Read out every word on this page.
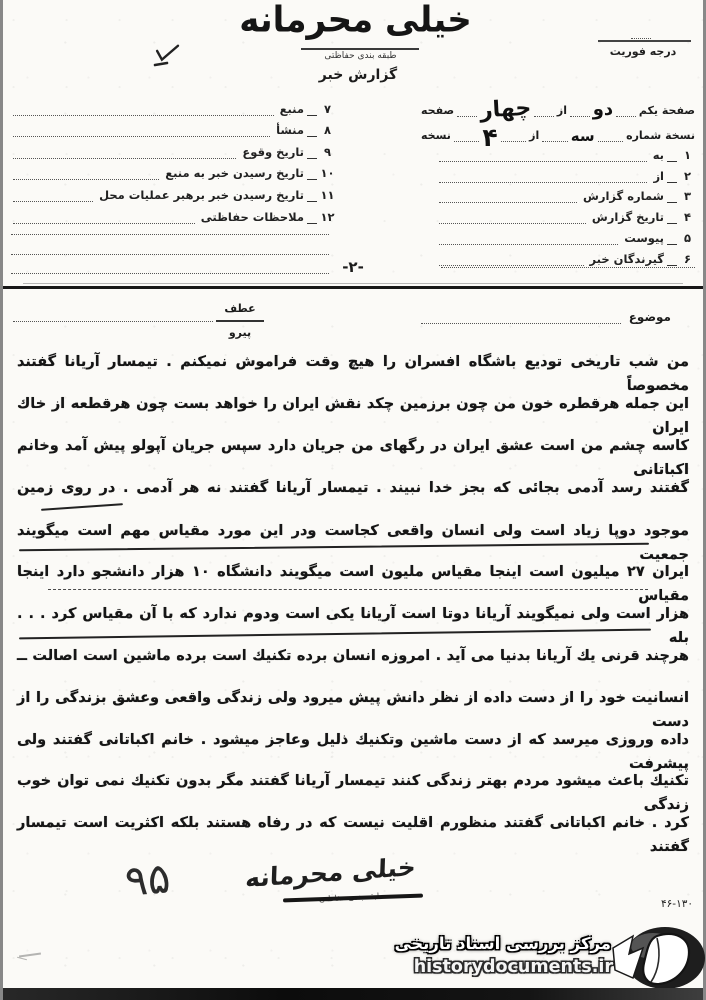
خیلی محرمانه
طبقه بندی حفاظتی
گزارش خبر
درجه فوریت
صفحة یکم
دو
از
چهار
صفحه
نسخة شماره
سه
از
۴
نسخه
۱
به
۲
از
۳
شماره گزارش
۴
تاریخ گزارش
۵
پیوست
۶
گیرندگان خبر
۷
منبع
۸
منشأ
۹
تاریخ وقوع
۱۰
تاریخ رسیدن خبر به منبع
۱۱
تاریخ رسیدن خبر برهبر عملیات محل
۱۲
ملاحظات حفاظتی
-۲-
موضوع
عطف
پیرو
من شب تاریخی تودیع باشگاه افسران را هیچ وقت فراموش نمیکنم . تیمسار آریانا گفتند مخصوصاً
این جمله هرقطره خون من چون برزمین چکد نقش ایران را خواهد بست چون هرقطعه از خاك ایران
کاسه چشم من است عشق ایران در رگهای من جریان دارد سپس جریان آپولو پیش آمد وخانم اکباتانی
گفتند رسد آدمی بجائی که بجز خدا نبیند . تیمسار آریانا گفتند نه هر آدمی . در روی زمین
موجود دوپا زیاد است ولی انسان واقعی کجاست ودر این مورد مقیاس مهم است میگویند جمعیت
ایران ۲۷ میلیون است اینجا مقیاس ملیون است میگویند دانشگاه ۱۰ هزار دانشجو دارد اینجا مقیاس
هزار است ولی نمیگویند آریانا دوتا است آریانا یکی است ودوم ندارد که با آن مقیاس کرد . . . بله
هرچند قرنی یك آریانا بدنیا می آید . امروزه انسان برده تکنیك است برده ماشین است اصالت ــ
انسانیت خود را از دست داده از نظر دانش پیش میرود ولی زندگی واقعی وعشق بزندگی را از دست
داده وروزی میرسد که از دست ماشین وتکنیك ذلیل وعاجز میشود . خانم اکباتانی گفتند ولی پیشرفت
تکنیك باعث میشود مردم بهتر زندگی کنند تیمسار آریانا گفتند مگر بدون تکنیك نمی توان خوب زندگی
کرد . خانم اکباتانی گفتند منظورم اقلیت نیست که در رفاه هستند بلکه اکثریت است تیمسار گفتند
۹۵	خیلی محرمانه
۴۶-۱۳۰
مرکز بررسی اسناد تاریخی
historydocuments.ir
